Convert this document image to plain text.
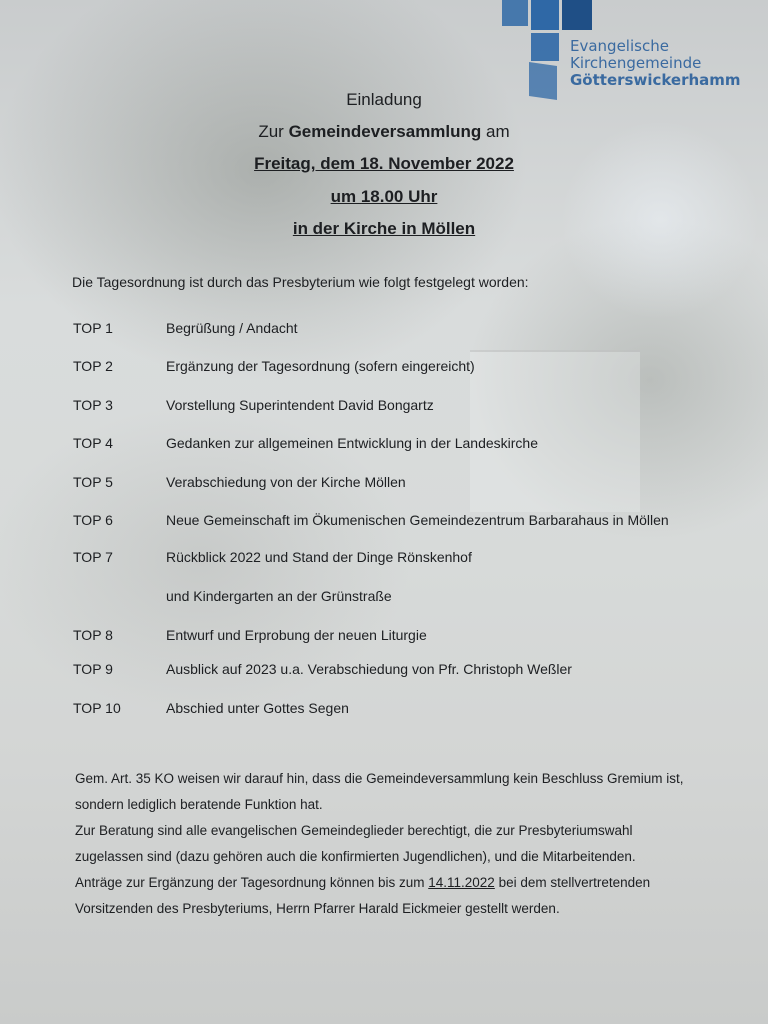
Evangelische
Kirchengemeinde
Götterswickerhamm
Einladung
Zur Gemeindeversammlung am
Freitag, dem 18. November 2022
um 18.00 Uhr
in der Kirche in Möllen
Die Tagesordnung ist durch das Presbyterium wie folgt festgelegt worden:
TOP 1	Begrüßung / Andacht
TOP 2	Ergänzung der Tagesordnung (sofern eingereicht)
TOP 3	Vorstellung Superintendent David Bongartz
TOP 4	Gedanken zur allgemeinen Entwicklung in der Landeskirche
TOP 5	Verabschiedung von der Kirche Möllen
TOP 6	Neue Gemeinschaft im Ökumenischen Gemeindezentrum Barbarahaus in Möllen
TOP 7	Rückblick 2022 und Stand der Dinge Rönskenhof
und Kindergarten an der Grünstraße
TOP 8	Entwurf und Erprobung der neuen Liturgie
TOP 9	Ausblick auf 2023 u.a. Verabschiedung von Pfr. Christoph Weßler
TOP 10	Abschied unter Gottes Segen
Gem. Art. 35 KO weisen wir darauf hin, dass die Gemeindeversammlung kein Beschluss Gremium ist, sondern lediglich beratende Funktion hat.
Zur Beratung sind alle evangelischen Gemeindeglieder berechtigt, die zur Presbyteriumswahl zugelassen sind (dazu gehören auch die konfirmierten Jugendlichen), und die Mitarbeitenden.
Anträge zur Ergänzung der Tagesordnung können bis zum 14.11.2022 bei dem stellvertretenden Vorsitzenden des Presbyteriums, Herrn Pfarrer Harald Eickmeier gestellt werden.
